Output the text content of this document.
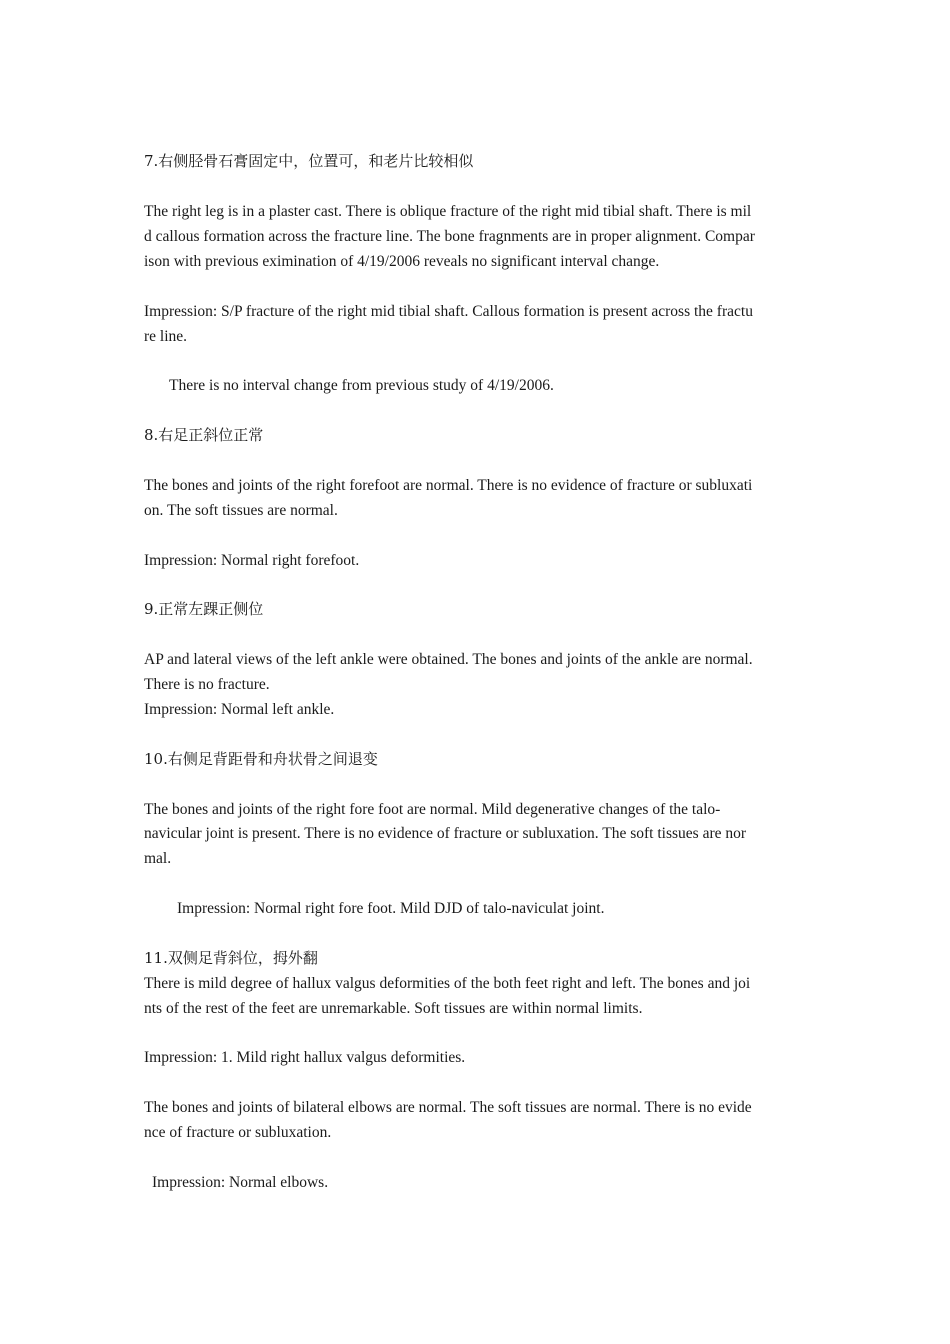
7.右侧胫骨石膏固定中，位置可，和老片比较相似
The right leg is in a plaster cast. There is oblique fracture of the right mid tibial shaft. There is mil
d callous formation across the fracture line. The bone fragnments are in proper alignment. Compar
ison with previous eximination of 4/19/2006 reveals no significant interval change.
Impression: S/P fracture of the right mid tibial shaft. Callous formation is present across the fractu
re line.
There is no interval change from previous study of 4/19/2006.
8.右足正斜位正常
The bones and joints of the right forefoot are normal. There is no evidence of fracture or subluxati
on. The soft tissues are normal.
Impression: Normal right forefoot.
9.正常左踝正侧位
AP and lateral views of the left ankle were obtained. The bones and joints of the ankle are normal.
There is no fracture.
Impression: Normal left ankle.
10.右侧足背距骨和舟状骨之间退变
The bones and joints of the right fore foot are normal. Mild degenerative changes of the talo-
navicular joint is present. There is no evidence of fracture or subluxation. The soft tissues are nor
mal.
Impression: Normal right fore foot. Mild DJD of talo-naviculat joint.
11.双侧足背斜位，拇外翻
There is mild degree of hallux valgus deformities of the both feet right and left. The bones and joi
nts of the rest of the feet are unremarkable. Soft tissues are within normal limits.
Impression: 1. Mild right hallux valgus deformities.
The bones and joints of bilateral elbows are normal. The soft tissues are normal. There is no evide
nce of fracture or subluxation.
Impression: Normal elbows.
